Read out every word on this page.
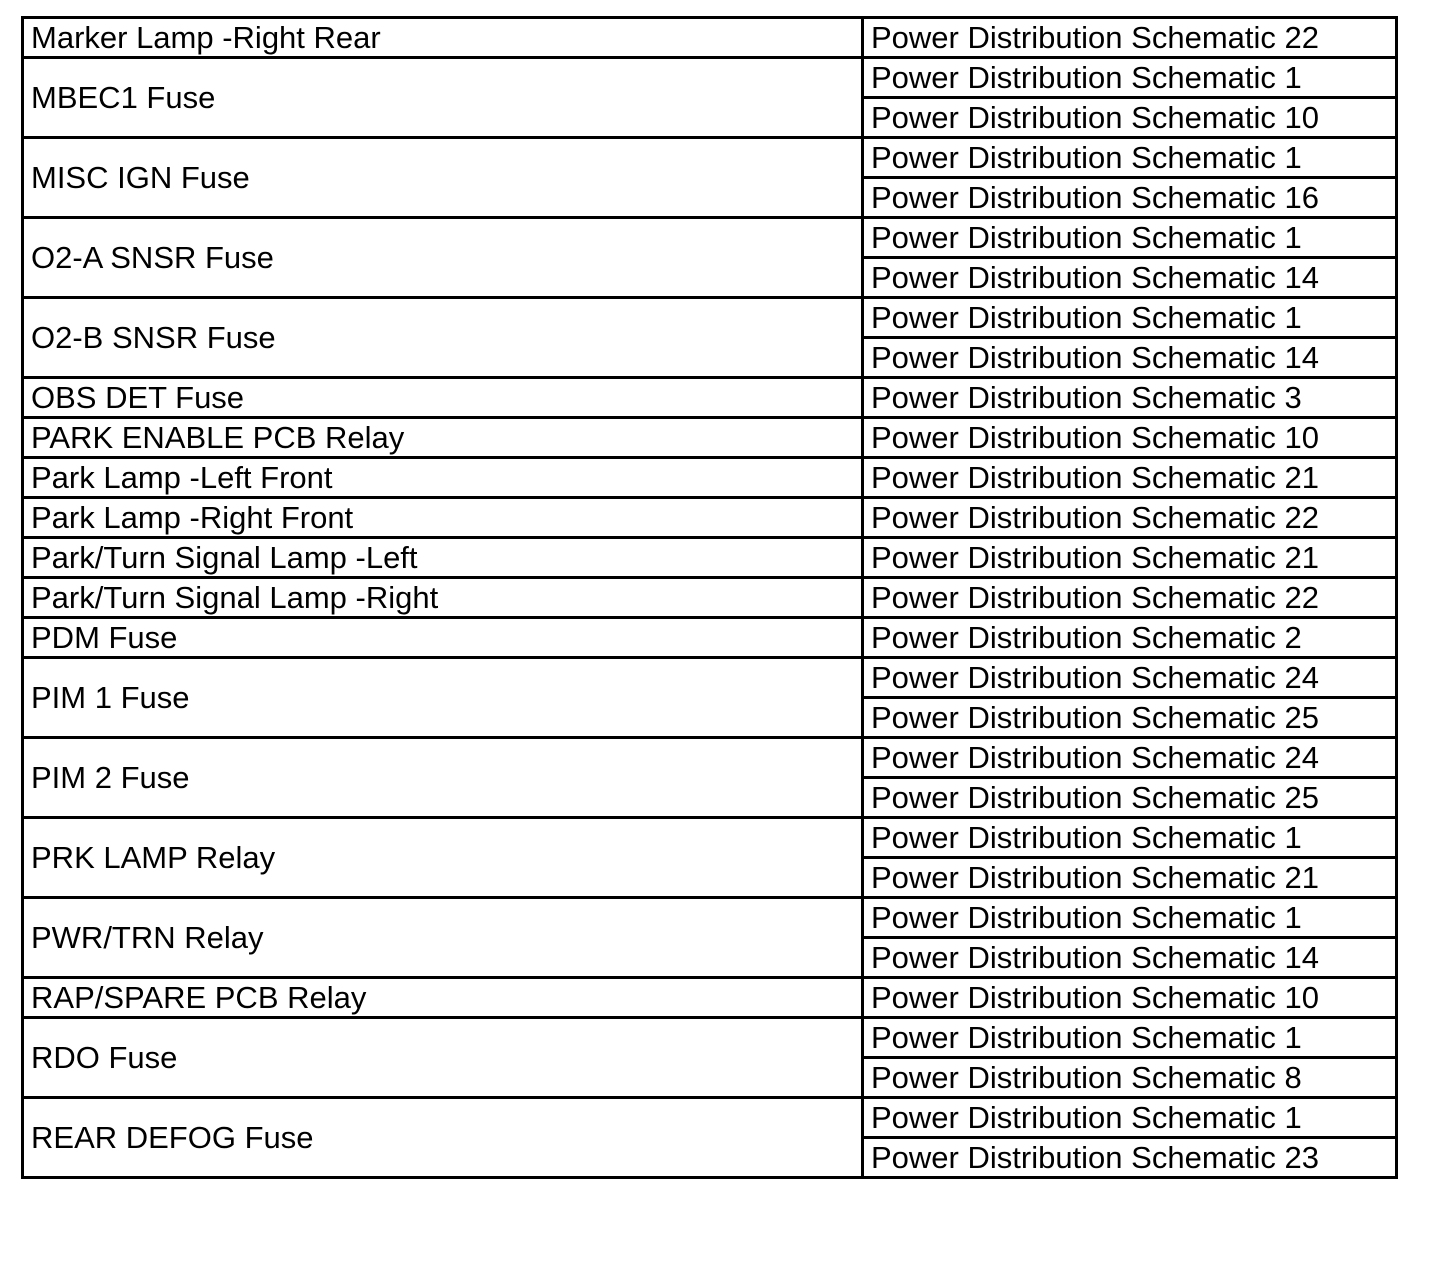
Marker Lamp -Right Rear	Power Distribution Schematic 22
MBEC1 Fuse	Power Distribution Schematic 1
	Power Distribution Schematic 10
MISC IGN Fuse	Power Distribution Schematic 1
	Power Distribution Schematic 16
O2-A SNSR Fuse	Power Distribution Schematic 1
	Power Distribution Schematic 14
O2-B SNSR Fuse	Power Distribution Schematic 1
	Power Distribution Schematic 14
OBS DET Fuse	Power Distribution Schematic 3
PARK ENABLE PCB Relay	Power Distribution Schematic 10
Park Lamp -Left Front	Power Distribution Schematic 21
Park Lamp -Right Front	Power Distribution Schematic 22
Park/Turn Signal Lamp -Left	Power Distribution Schematic 21
Park/Turn Signal Lamp -Right	Power Distribution Schematic 22
PDM Fuse	Power Distribution Schematic 2
PIM 1 Fuse	Power Distribution Schematic 24
	Power Distribution Schematic 25
PIM 2 Fuse	Power Distribution Schematic 24
	Power Distribution Schematic 25
PRK LAMP Relay	Power Distribution Schematic 1
	Power Distribution Schematic 21
PWR/TRN Relay	Power Distribution Schematic 1
	Power Distribution Schematic 14
RAP/SPARE PCB Relay	Power Distribution Schematic 10
RDO Fuse	Power Distribution Schematic 1
	Power Distribution Schematic 8
REAR DEFOG Fuse	Power Distribution Schematic 1
	Power Distribution Schematic 23
